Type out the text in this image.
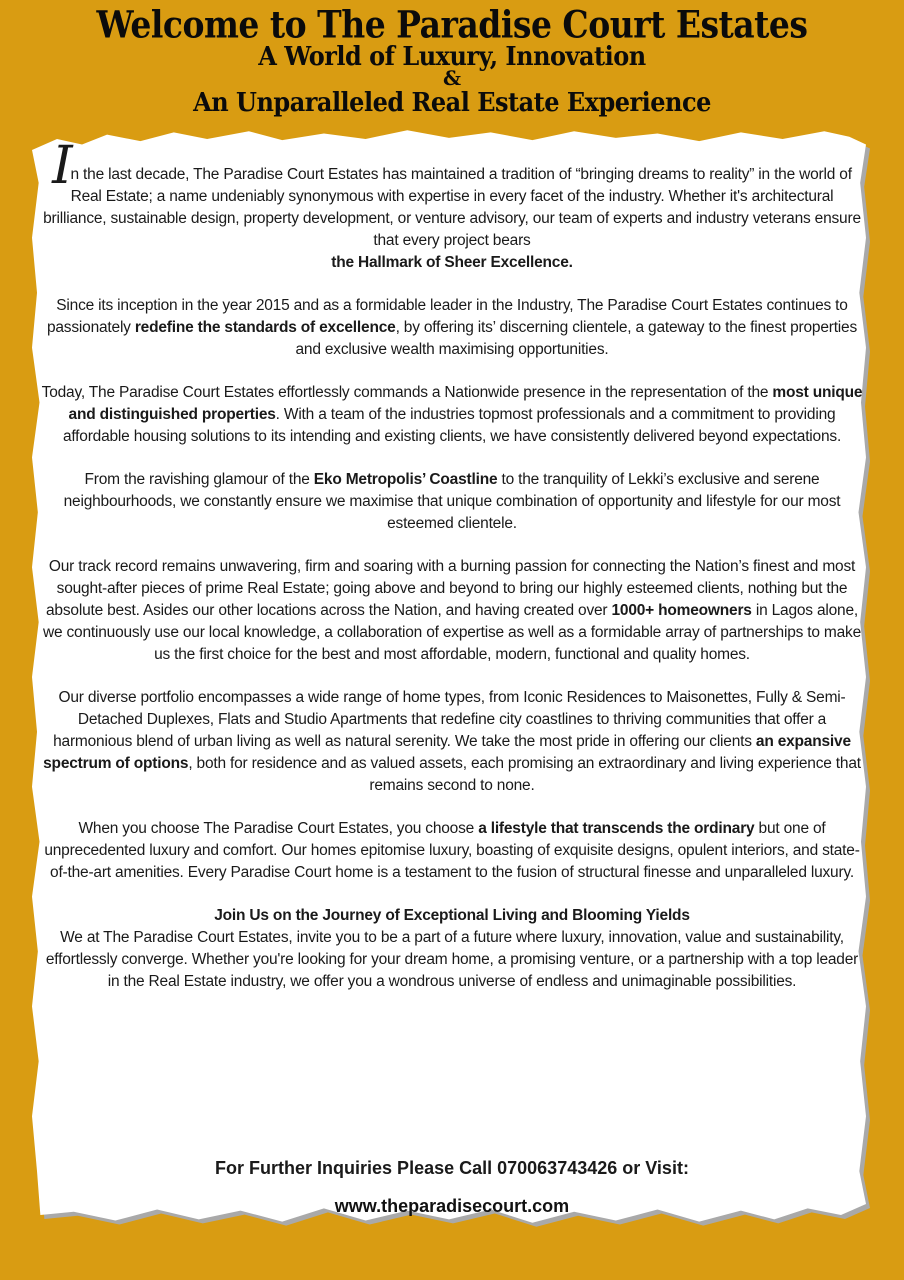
Welcome to The Paradise Court Estates
A World of Luxury, Innovation
&
An Unparalleled Real Estate Experience

In the last decade, The Paradise Court Estates has maintained a tradition of “bringing dreams to reality” in the world of Real Estate; a name undeniably synonymous with expertise in every facet of the industry. Whether it's architectural brilliance, sustainable design, property development, or venture advisory, our team of experts and industry veterans ensure that every project bears
the Hallmark of Sheer Excellence.

Since its inception in the year 2015 and as a formidable leader in the Industry, The Paradise Court Estates continues to passionately redefine the standards of excellence, by offering its’ discerning clientele, a gateway to the finest properties and exclusive wealth maximising opportunities.

Today, The Paradise Court Estates effortlessly commands a Nationwide presence in the representation of the most unique and distinguished properties. With a team of the industries topmost professionals and a commitment to providing affordable housing solutions to its intending and existing clients, we have consistently delivered beyond expectations.

From the ravishing glamour of the Eko Metropolis’ Coastline to the tranquility of Lekki’s exclusive and serene neighbourhoods, we constantly ensure we maximise that unique combination of opportunity and lifestyle for our most esteemed clientele.

Our track record remains unwavering, firm and soaring with a burning passion for connecting the Nation’s finest and most sought-after pieces of prime Real Estate; going above and beyond to bring our highly esteemed clients, nothing but the absolute best. Asides our other locations across the Nation, and having created over 1000+ homeowners in Lagos alone, we continuously use our local knowledge, a collaboration of expertise as well as a formidable array of partnerships to make us the first choice for the best and most affordable, modern, functional and quality homes.

Our diverse portfolio encompasses a wide range of home types, from Iconic Residences to Maisonettes, Fully & Semi-Detached Duplexes, Flats and Studio Apartments that redefine city coastlines to thriving communities that offer a harmonious blend of urban living as well as natural serenity. We take the most pride in offering our clients an expansive spectrum of options, both for residence and as valued assets, each promising an extraordinary and living experience that remains second to none.

When you choose The Paradise Court Estates, you choose a lifestyle that transcends the ordinary but one of unprecedented luxury and comfort. Our homes epitomise luxury, boasting of exquisite designs, opulent interiors, and state-of-the-art amenities. Every Paradise Court home is a testament to the fusion of structural finesse and unparalleled luxury.

Join Us on the Journey of Exceptional Living and Blooming Yields
We at The Paradise Court Estates, invite you to be a part of a future where luxury, innovation, value and sustainability, effortlessly converge. Whether you're looking for your dream home, a promising venture, or a partnership with a top leader in the Real Estate industry, we offer you a wondrous universe of endless and unimaginable possibilities.

For Further Inquiries Please Call 070063743426 or Visit:
www.theparadisecourt.com
